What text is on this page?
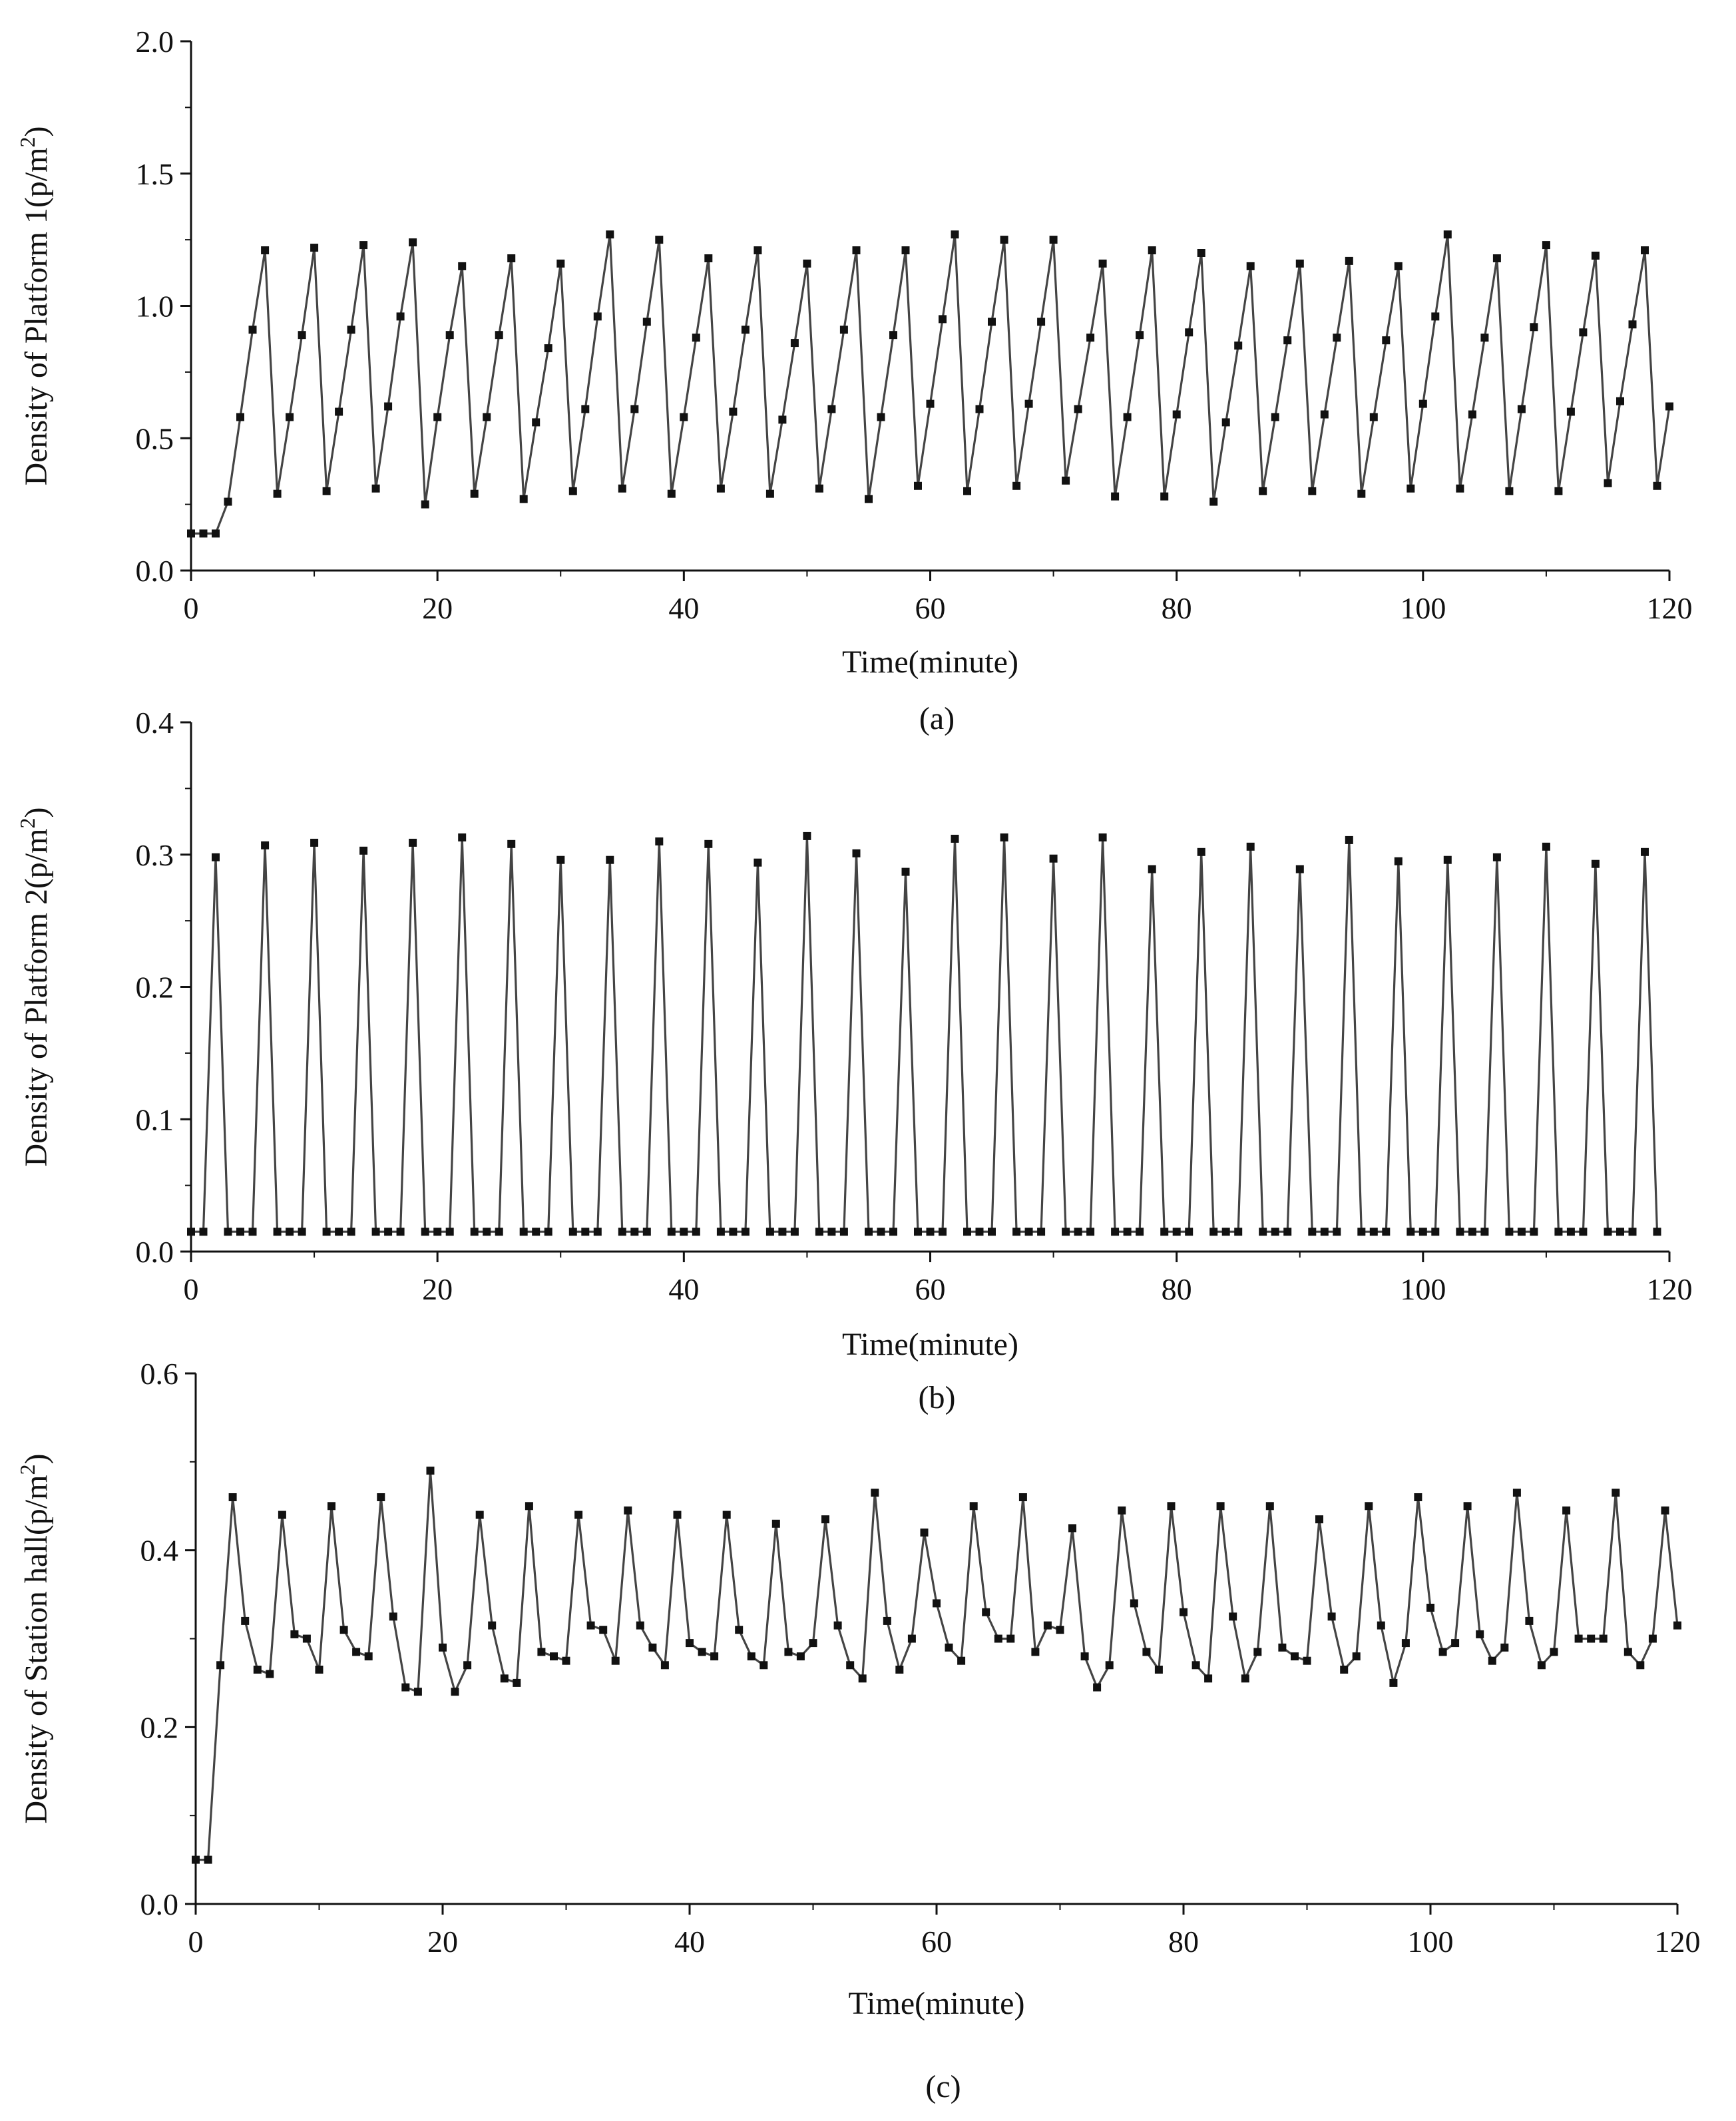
0	20	40	60	80	100	120
0.0
0.5
1.0
1.5
2.0
Time(minute)
Density of Platform $1(p/m^2)$
(a)
0	20	40	60	80	100	120
0.0
0.1
0.2
0.3
0.4
Time(minute)
Density of Platform $2(p/m^2)$
(b)
0	20	40	60	80	100	120
0.0
0.2
0.4
0.6
Time(minute)
Density of Station $hall(p/m^2)$
(c)
